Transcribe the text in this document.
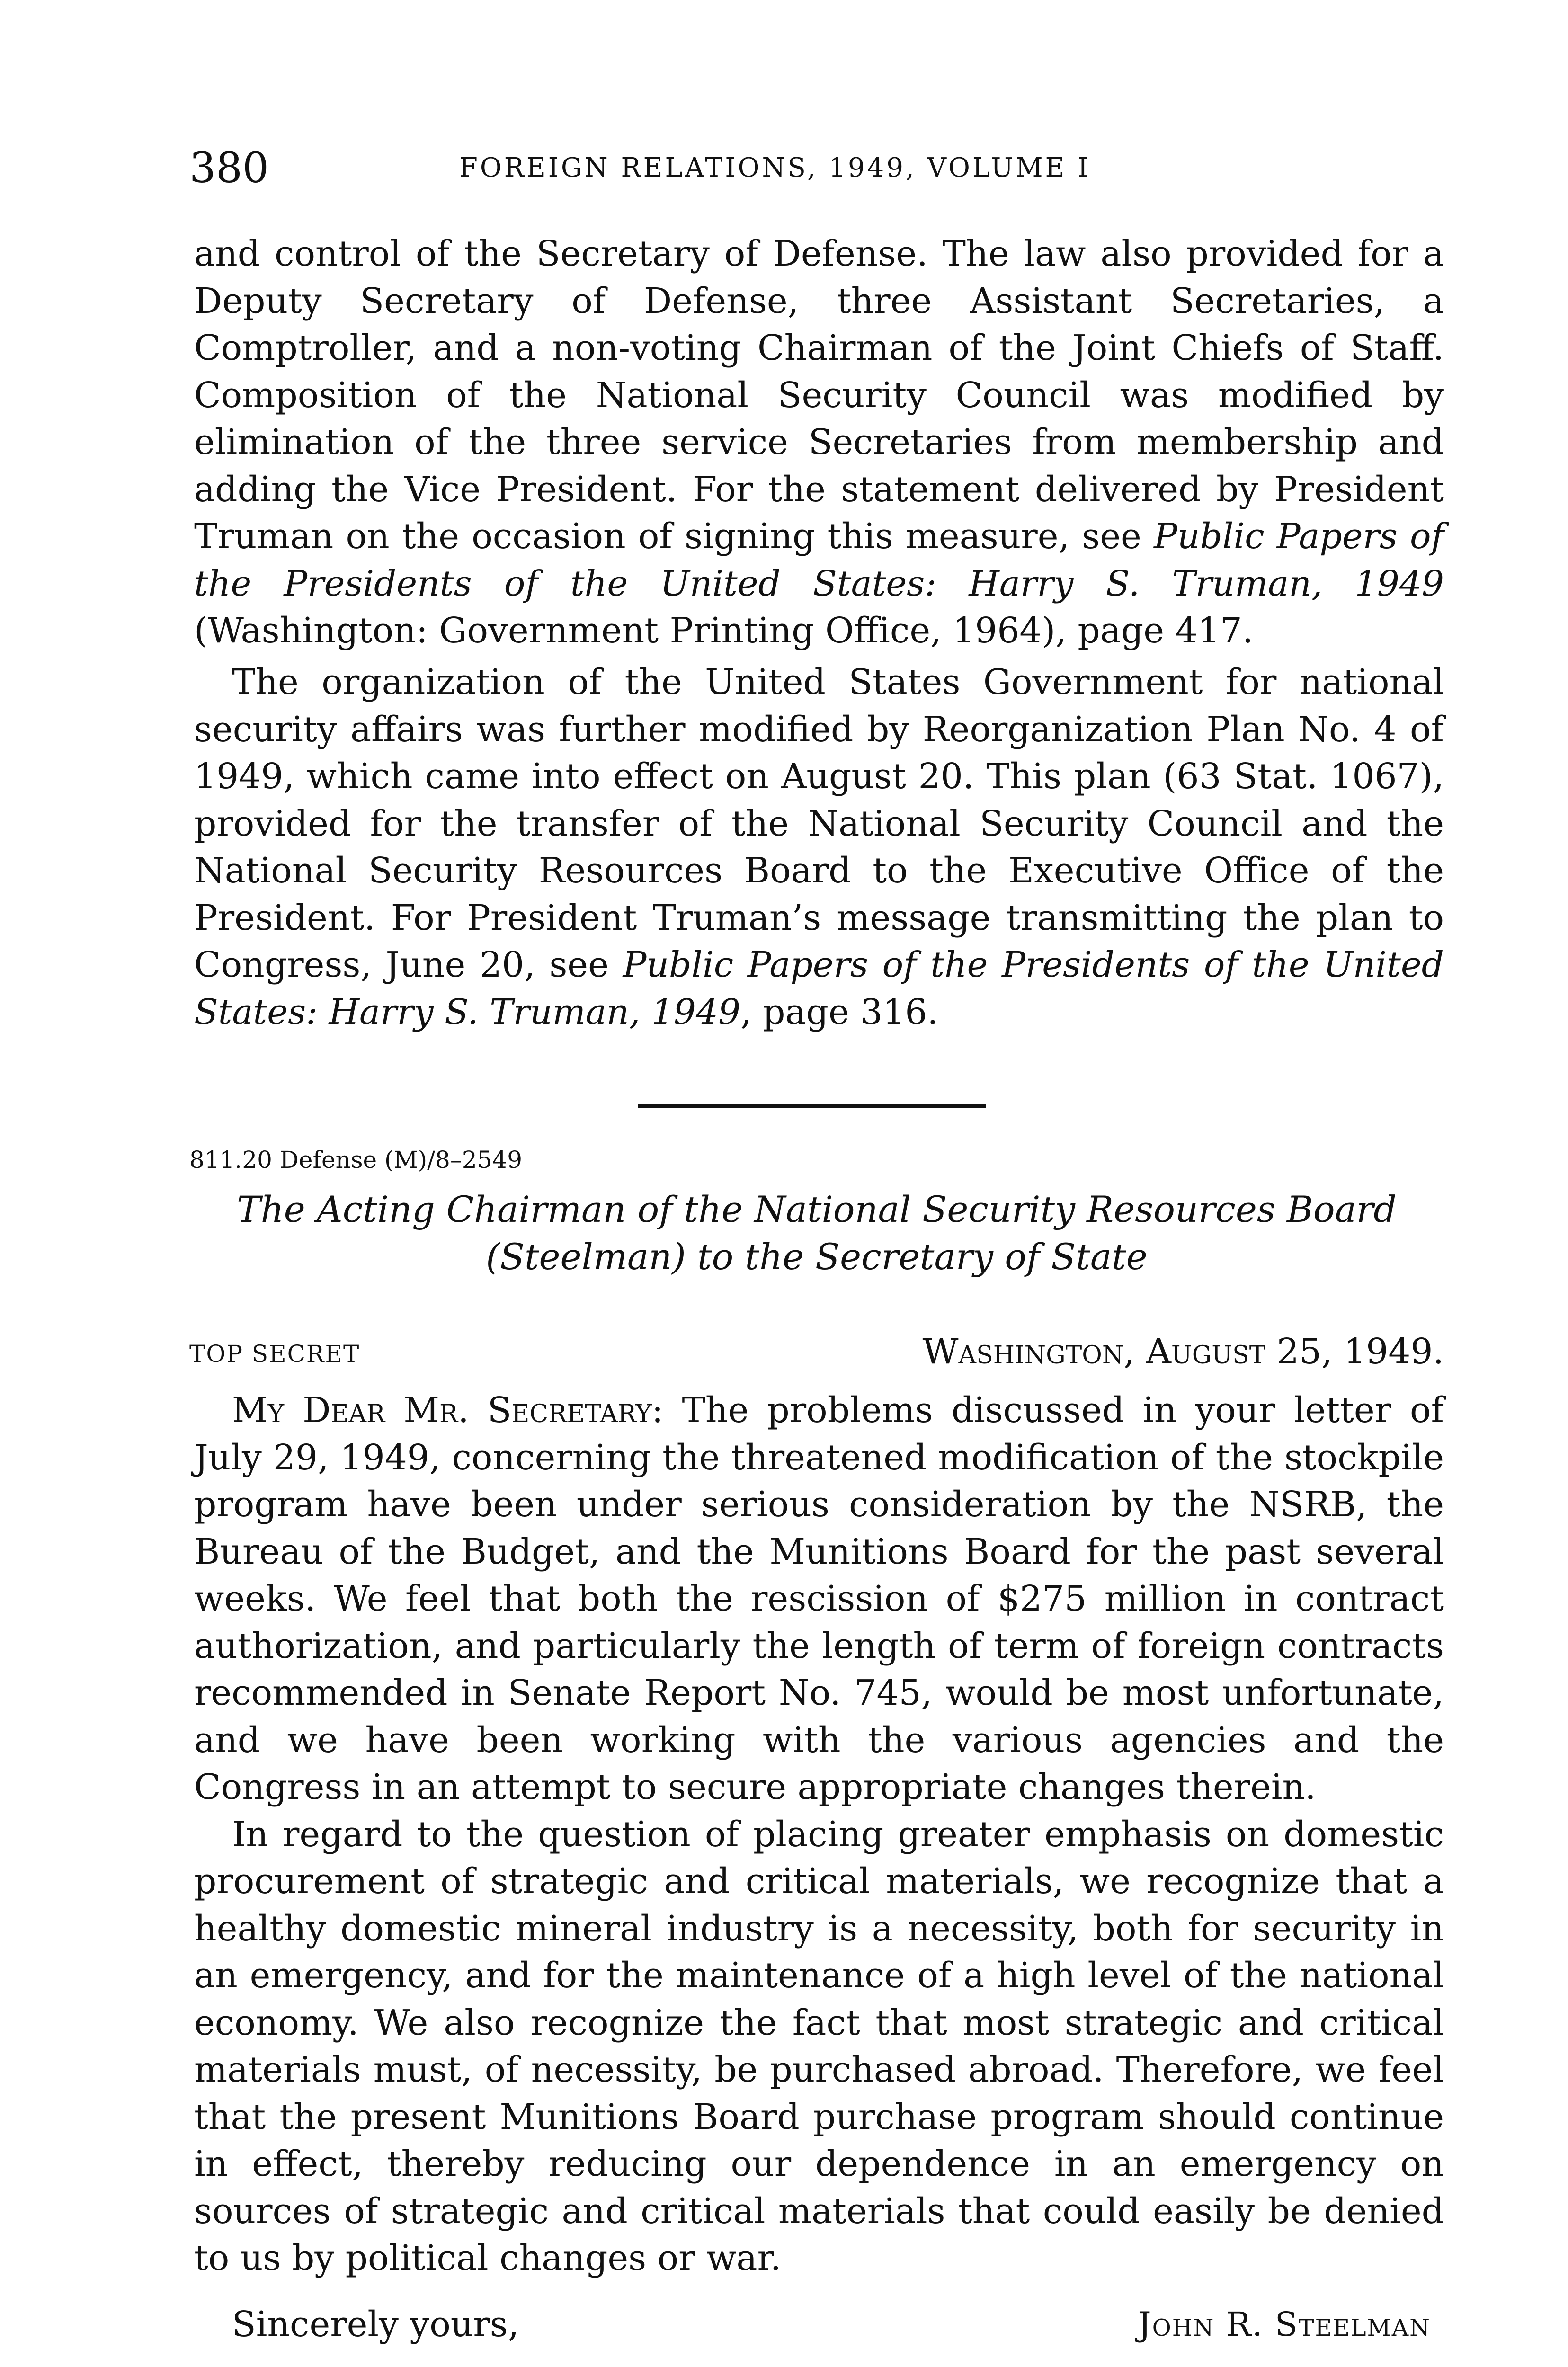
380	FOREIGN RELATIONS, 1949, VOLUME I

and control of the Secretary of Defense. The law also provided for a Deputy Secretary of Defense, three Assistant Secretaries, a Comptroller, and a non-voting Chairman of the Joint Chiefs of Staff. Composition of the National Security Council was modified by elimination of the three service Secretaries from membership and adding the Vice President. For the statement delivered by President Truman on the occasion of signing this measure, see Public Papers of the Presidents of the United States: Harry S. Truman, 1949 (Washington: Government Printing Office, 1964), page 417.

The organization of the United States Government for national security affairs was further modified by Reorganization Plan No. 4 of 1949, which came into effect on August 20. This plan (63 Stat. 1067), provided for the transfer of the National Security Council and the National Security Resources Board to the Executive Office of the President. For President Truman’s message transmitting the plan to Congress, June 20, see Public Papers of the Presidents of the United States: Harry S. Truman, 1949, page 316.

811.20 Defense (M)/8–2549
The Acting Chairman of the National Security Resources Board
(Steelman) to the Secretary of State
TOP SECRET	Washington, August 25, 1949.

My Dear Mr. Secretary: The problems discussed in your letter of July 29, 1949, concerning the threatened modification of the stockpile program have been under serious consideration by the NSRB, the Bureau of the Budget, and the Munitions Board for the past several weeks. We feel that both the rescission of $275 million in contract authorization, and particularly the length of term of foreign contracts recommended in Senate Report No. 745, would be most unfortunate, and we have been working with the various agencies and the Congress in an attempt to secure appropriate changes therein.

In regard to the question of placing greater emphasis on domestic procurement of strategic and critical materials, we recognize that a healthy domestic mineral industry is a necessity, both for security in an emergency, and for the maintenance of a high level of the national economy. We also recognize the fact that most strategic and critical materials must, of necessity, be purchased abroad. Therefore, we feel that the present Munitions Board purchase program should continue in effect, thereby reducing our dependence in an emergency on sources of strategic and critical materials that could easily be denied to us by political changes or war.

Sincerely yours,	John R. Steelman
